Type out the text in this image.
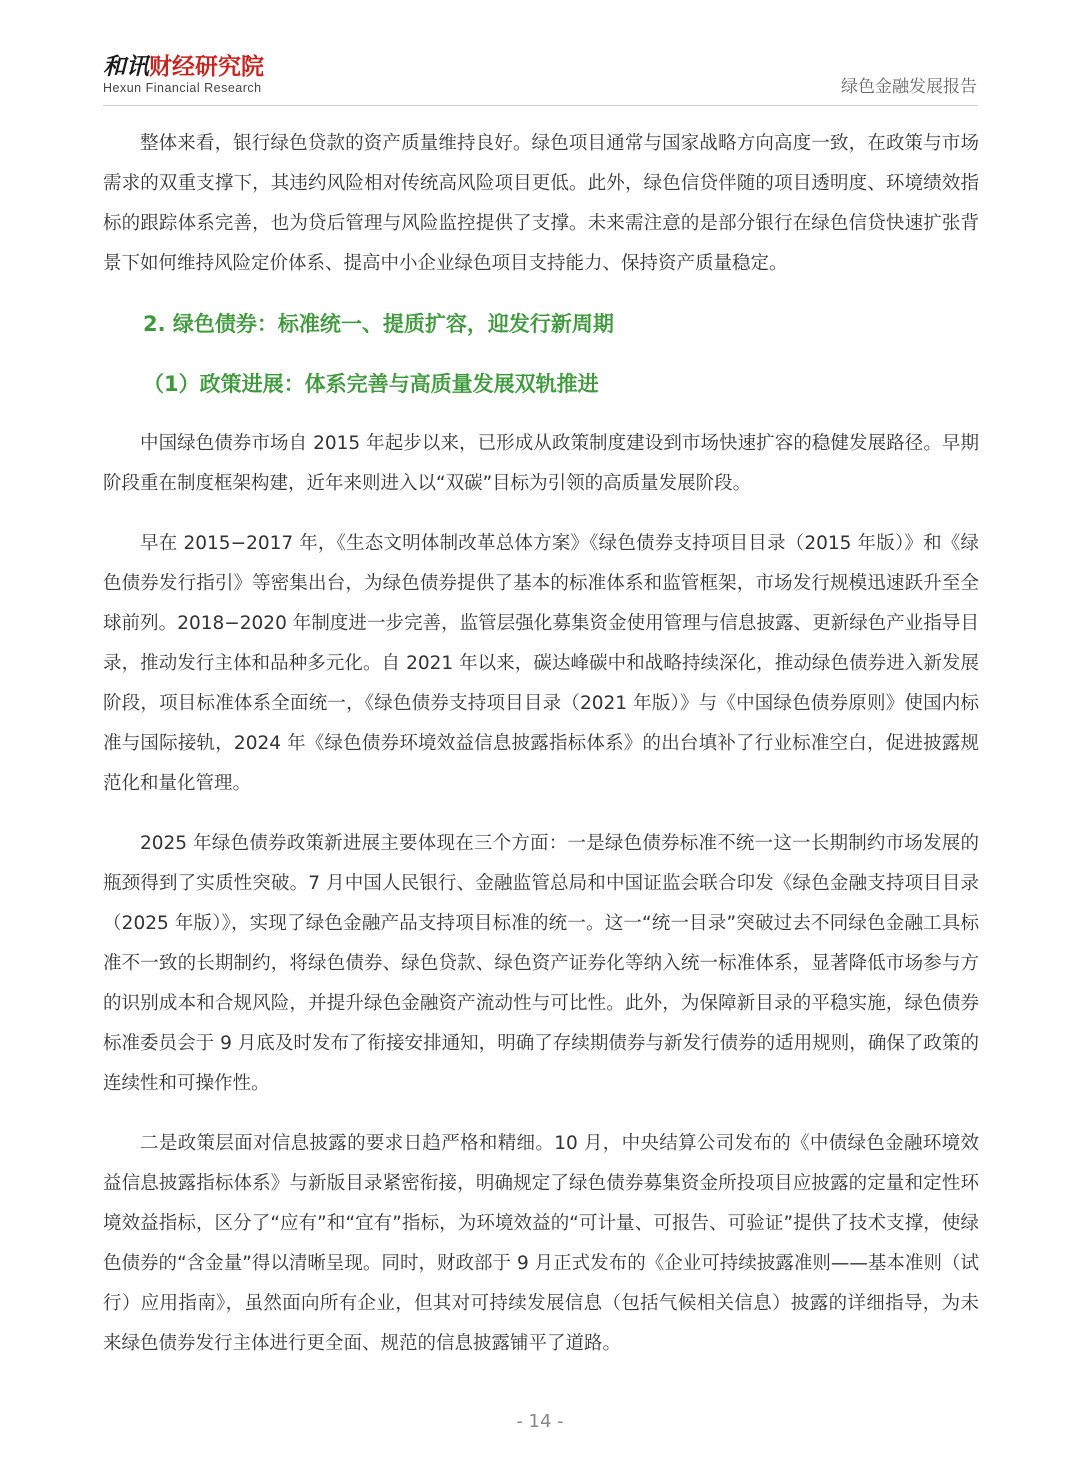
和讯财经研究院
Hexun Financial Research	绿色金融发展报告

整体来看，银行绿色贷款的资产质量维持良好。绿色项目通常与国家战略方向高度一致，在政策与市场需求的双重支撑下，其违约风险相对传统高风险项目更低。此外，绿色信贷伴随的项目透明度、环境绩效指标的跟踪体系完善，也为贷后管理与风险监控提供了支撑。未来需注意的是部分银行在绿色信贷快速扩张背景下如何维持风险定价体系、提高中小企业绿色项目支持能力、保持资产质量稳定。

2. 绿色债券：标准统一、提质扩容，迎发行新周期
（1）政策进展：体系完善与高质量发展双轨推进

中国绿色债券市场自 2015 年起步以来，已形成从政策制度建设到市场快速扩容的稳健发展路径。早期阶段重在制度框架构建，近年来则进入以“双碳”目标为引领的高质量发展阶段。

早在 2015−2017 年，《生态文明体制改革总体方案》《绿色债券支持项目目录（2015 年版）》和《绿色债券发行指引》等密集出台，为绿色债券提供了基本的标准体系和监管框架，市场发行规模迅速跃升至全球前列。2018−2020 年制度进一步完善，监管层强化募集资金使用管理与信息披露、更新绿色产业指导目录，推动发行主体和品种多元化。自 2021 年以来，碳达峰碳中和战略持续深化，推动绿色债券进入新发展阶段，项目标准体系全面统一，《绿色债券支持项目目录（2021 年版）》与《中国绿色债券原则》使国内标准与国际接轨，2024 年《绿色债券环境效益信息披露指标体系》的出台填补了行业标准空白，促进披露规范化和量化管理。

2025 年绿色债券政策新进展主要体现在三个方面：一是绿色债券标准不统一这一长期制约市场发展的瓶颈得到了实质性突破。7 月中国人民银行、金融监管总局和中国证监会联合印发《绿色金融支持项目目录（2025 年版）》，实现了绿色金融产品支持项目标准的统一。这一“统一目录”突破过去不同绿色金融工具标准不一致的长期制约，将绿色债券、绿色贷款、绿色资产证券化等纳入统一标准体系，显著降低市场参与方的识别成本和合规风险，并提升绿色金融资产流动性与可比性。此外，为保障新目录的平稳实施，绿色债券标准委员会于 9 月底及时发布了衔接安排通知，明确了存续期债券与新发行债券的适用规则，确保了政策的连续性和可操作性。

二是政策层面对信息披露的要求日趋严格和精细。10 月，中央结算公司发布的《中债绿色金融环境效益信息披露指标体系》与新版目录紧密衔接，明确规定了绿色债券募集资金所投项目应披露的定量和定性环境效益指标，区分了“应有”和“宜有”指标，为环境效益的“可计量、可报告、可验证”提供了技术支撑，使绿色债券的“含金量”得以清晰呈现。同时，财政部于 9 月正式发布的《企业可持续披露准则——基本准则（试行）应用指南》，虽然面向所有企业，但其对可持续发展信息（包括气候相关信息）披露的详细指导，为未来绿色债券发行主体进行更全面、规范的信息披露铺平了道路。

- 14 -
